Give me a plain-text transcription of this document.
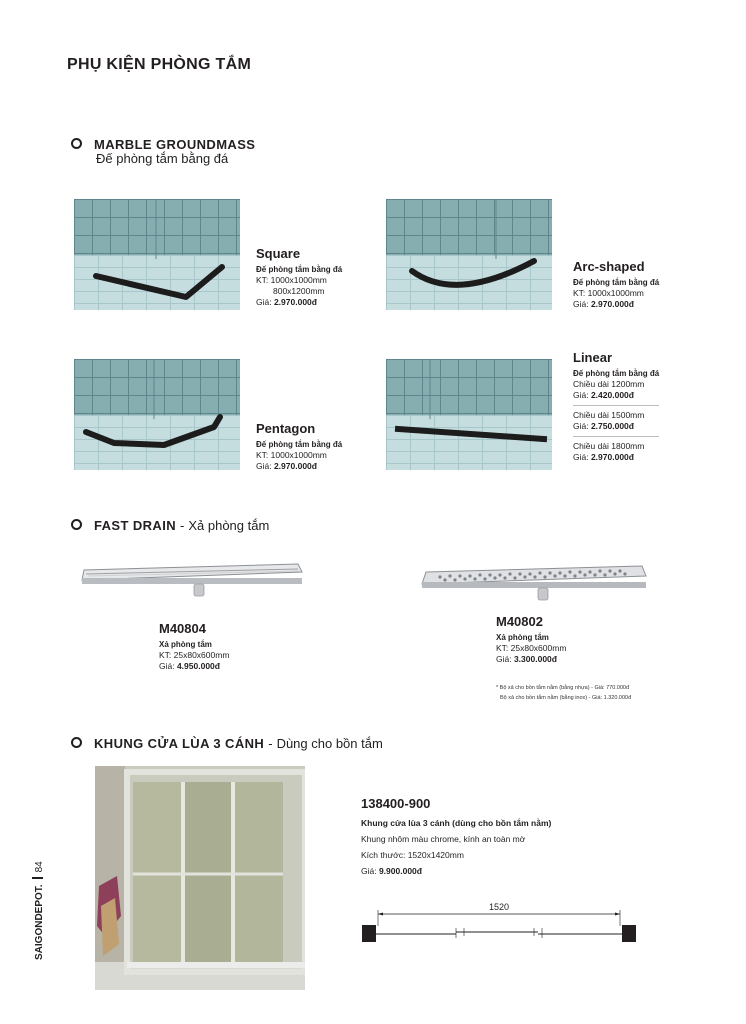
PHỤ KIỆN PHÒNG TẮM
MARBLE GROUNDMASS
Đế phòng tắm bằng đá
Square
Đế phòng tắm bằng đá
KT: 1000x1000mm
800x1200mm
Giá: 2.970.000đ
Arc-shaped
Đế phòng tắm bằng đá
KT: 1000x1000mm
Giá: 2.970.000đ
Pentagon
Đế phòng tắm bằng đá
KT: 1000x1000mm
Giá: 2.970.000đ
Linear
Đế phòng tắm bằng đá
Chiều dài 1200mm
Giá: 2.420.000đ
Chiều dài 1500mm
Giá: 2.750.000đ
Chiều dài 1800mm
Giá: 2.970.000đ
FAST DRAIN - Xả phòng tắm
M40804
Xả phòng tắm
KT: 25x80x600mm
Giá: 4.950.000đ
M40802
Xả phòng tắm
KT: 25x80x600mm
Giá: 3.300.000đ
* Bộ xả cho bồn tắm nằm (bằng nhựa) - Giá: 770.000đ
Bộ xả cho bồn tắm nằm (bằng inox) - Giá: 1.320.000đ
KHUNG CỬA LÙA 3 CÁNH - Dùng cho bồn tắm
138400-900
Khung cửa lùa 3 cánh (dùng cho bồn tắm nằm)
Khung nhôm màu chrome, kính an toàn mờ
Kích thước: 1520x1420mm
Giá: 9.900.000đ
1520
SAIGONDEPOT.84
